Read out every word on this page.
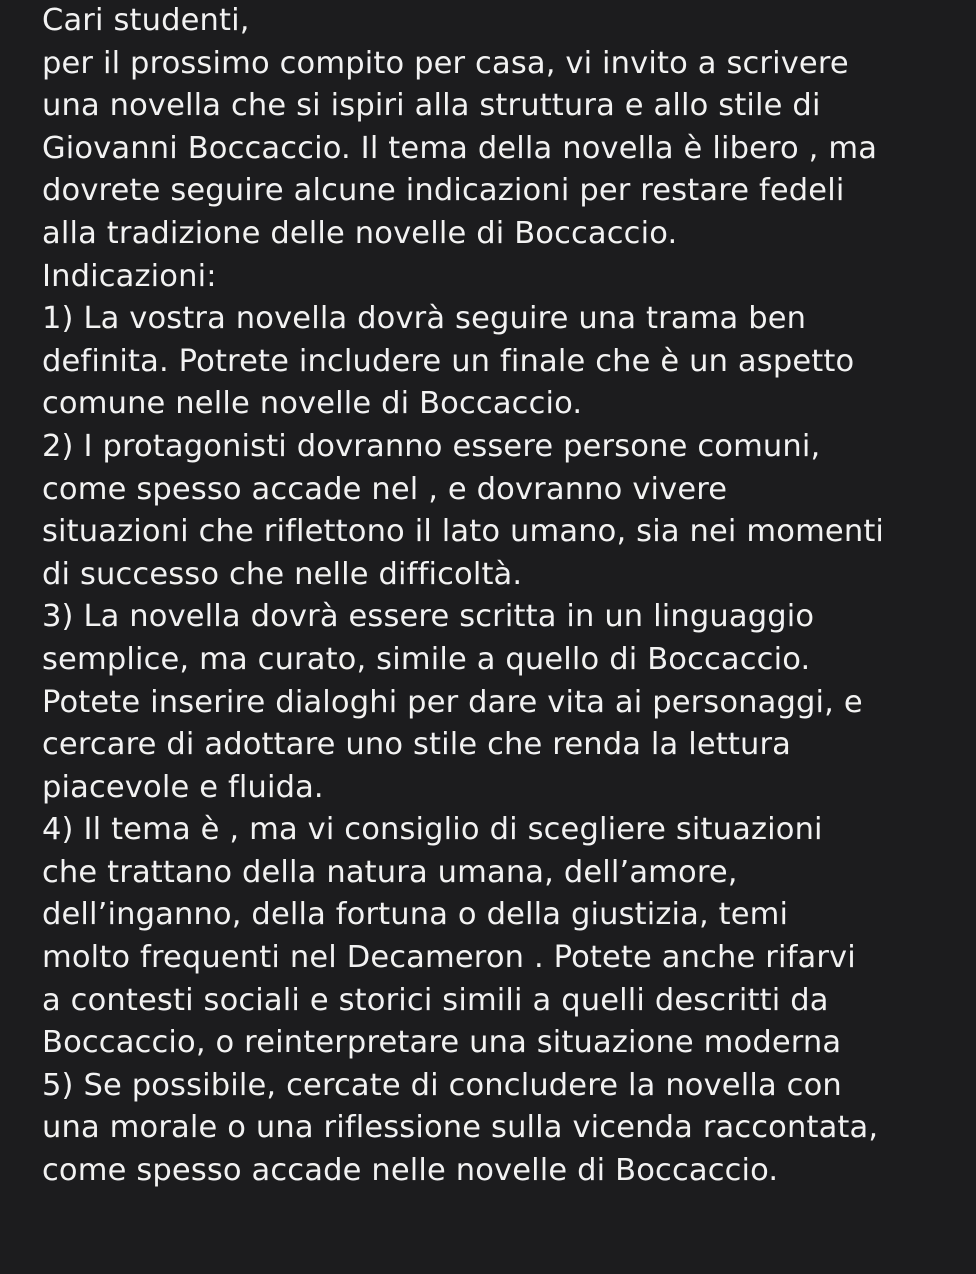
Cari studenti,
per il prossimo compito per casa, vi invito a scrivere
una novella che si ispiri alla struttura e allo stile di
Giovanni Boccaccio. Il tema della novella è libero , ma
dovrete seguire alcune indicazioni per restare fedeli
alla tradizione delle novelle di Boccaccio.
Indicazioni:
1) La vostra novella dovrà seguire una trama ben
definita. Potrete includere un finale che è un aspetto
comune nelle novelle di Boccaccio.
2) I protagonisti dovranno essere persone comuni,
come spesso accade nel , e dovranno vivere
situazioni che riflettono il lato umano, sia nei momenti
di successo che nelle difficoltà.
3) La novella dovrà essere scritta in un linguaggio
semplice, ma curato, simile a quello di Boccaccio.
Potete inserire dialoghi per dare vita ai personaggi, e
cercare di adottare uno stile che renda la lettura
piacevole e fluida.
4) Il tema è , ma vi consiglio di scegliere situazioni
che trattano della natura umana, dell’amore,
dell’inganno, della fortuna o della giustizia, temi
molto frequenti nel Decameron . Potete anche rifarvi
a contesti sociali e storici simili a quelli descritti da
Boccaccio, o reinterpretare una situazione moderna
5) Se possibile, cercate di concludere la novella con
una morale o una riflessione sulla vicenda raccontata,
come spesso accade nelle novelle di Boccaccio.
